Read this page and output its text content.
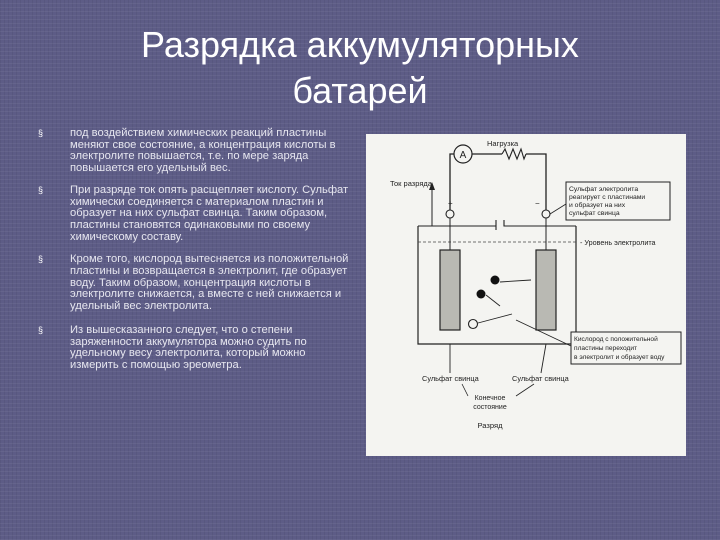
Разрядка аккумуляторных
батарей
§ под воздействием химических реакций пластины меняют свое состояние, а концентрация кислоты в электролите повышается, т.е. по мере заряда повышается его удельный вес.
§ При разряде ток опять расщепляет кислоту. Сульфат химически соединяется с материалом пластин и образует на них сульфат свинца. Таким образом, пластины становятся одинаковыми по своему химическому составу.
§ Кроме того, кислород вытесняется из положительной пластины и возвращается в электролит, где образует воду. Таким образом, концентрация кислоты в электролите снижается, а вместе с ней снижается и удельный вес электролита.
§ Из вышесказанного следует, что о степени заряженности аккумулятора можно судить по удельному весу электролита, который можно измерить с помощью эреометра.
A
Нагрузка
Ток разряда
+	−
Сульфат электролита
реагирует с пластинами
и образует на них
сульфат свинца
- Уровень электролита
Кислород с положительной
пластины переходит
в электролит и образует воду
Сульфат свинца	Сульфат свинца
Конечное
состояние
Разряд
